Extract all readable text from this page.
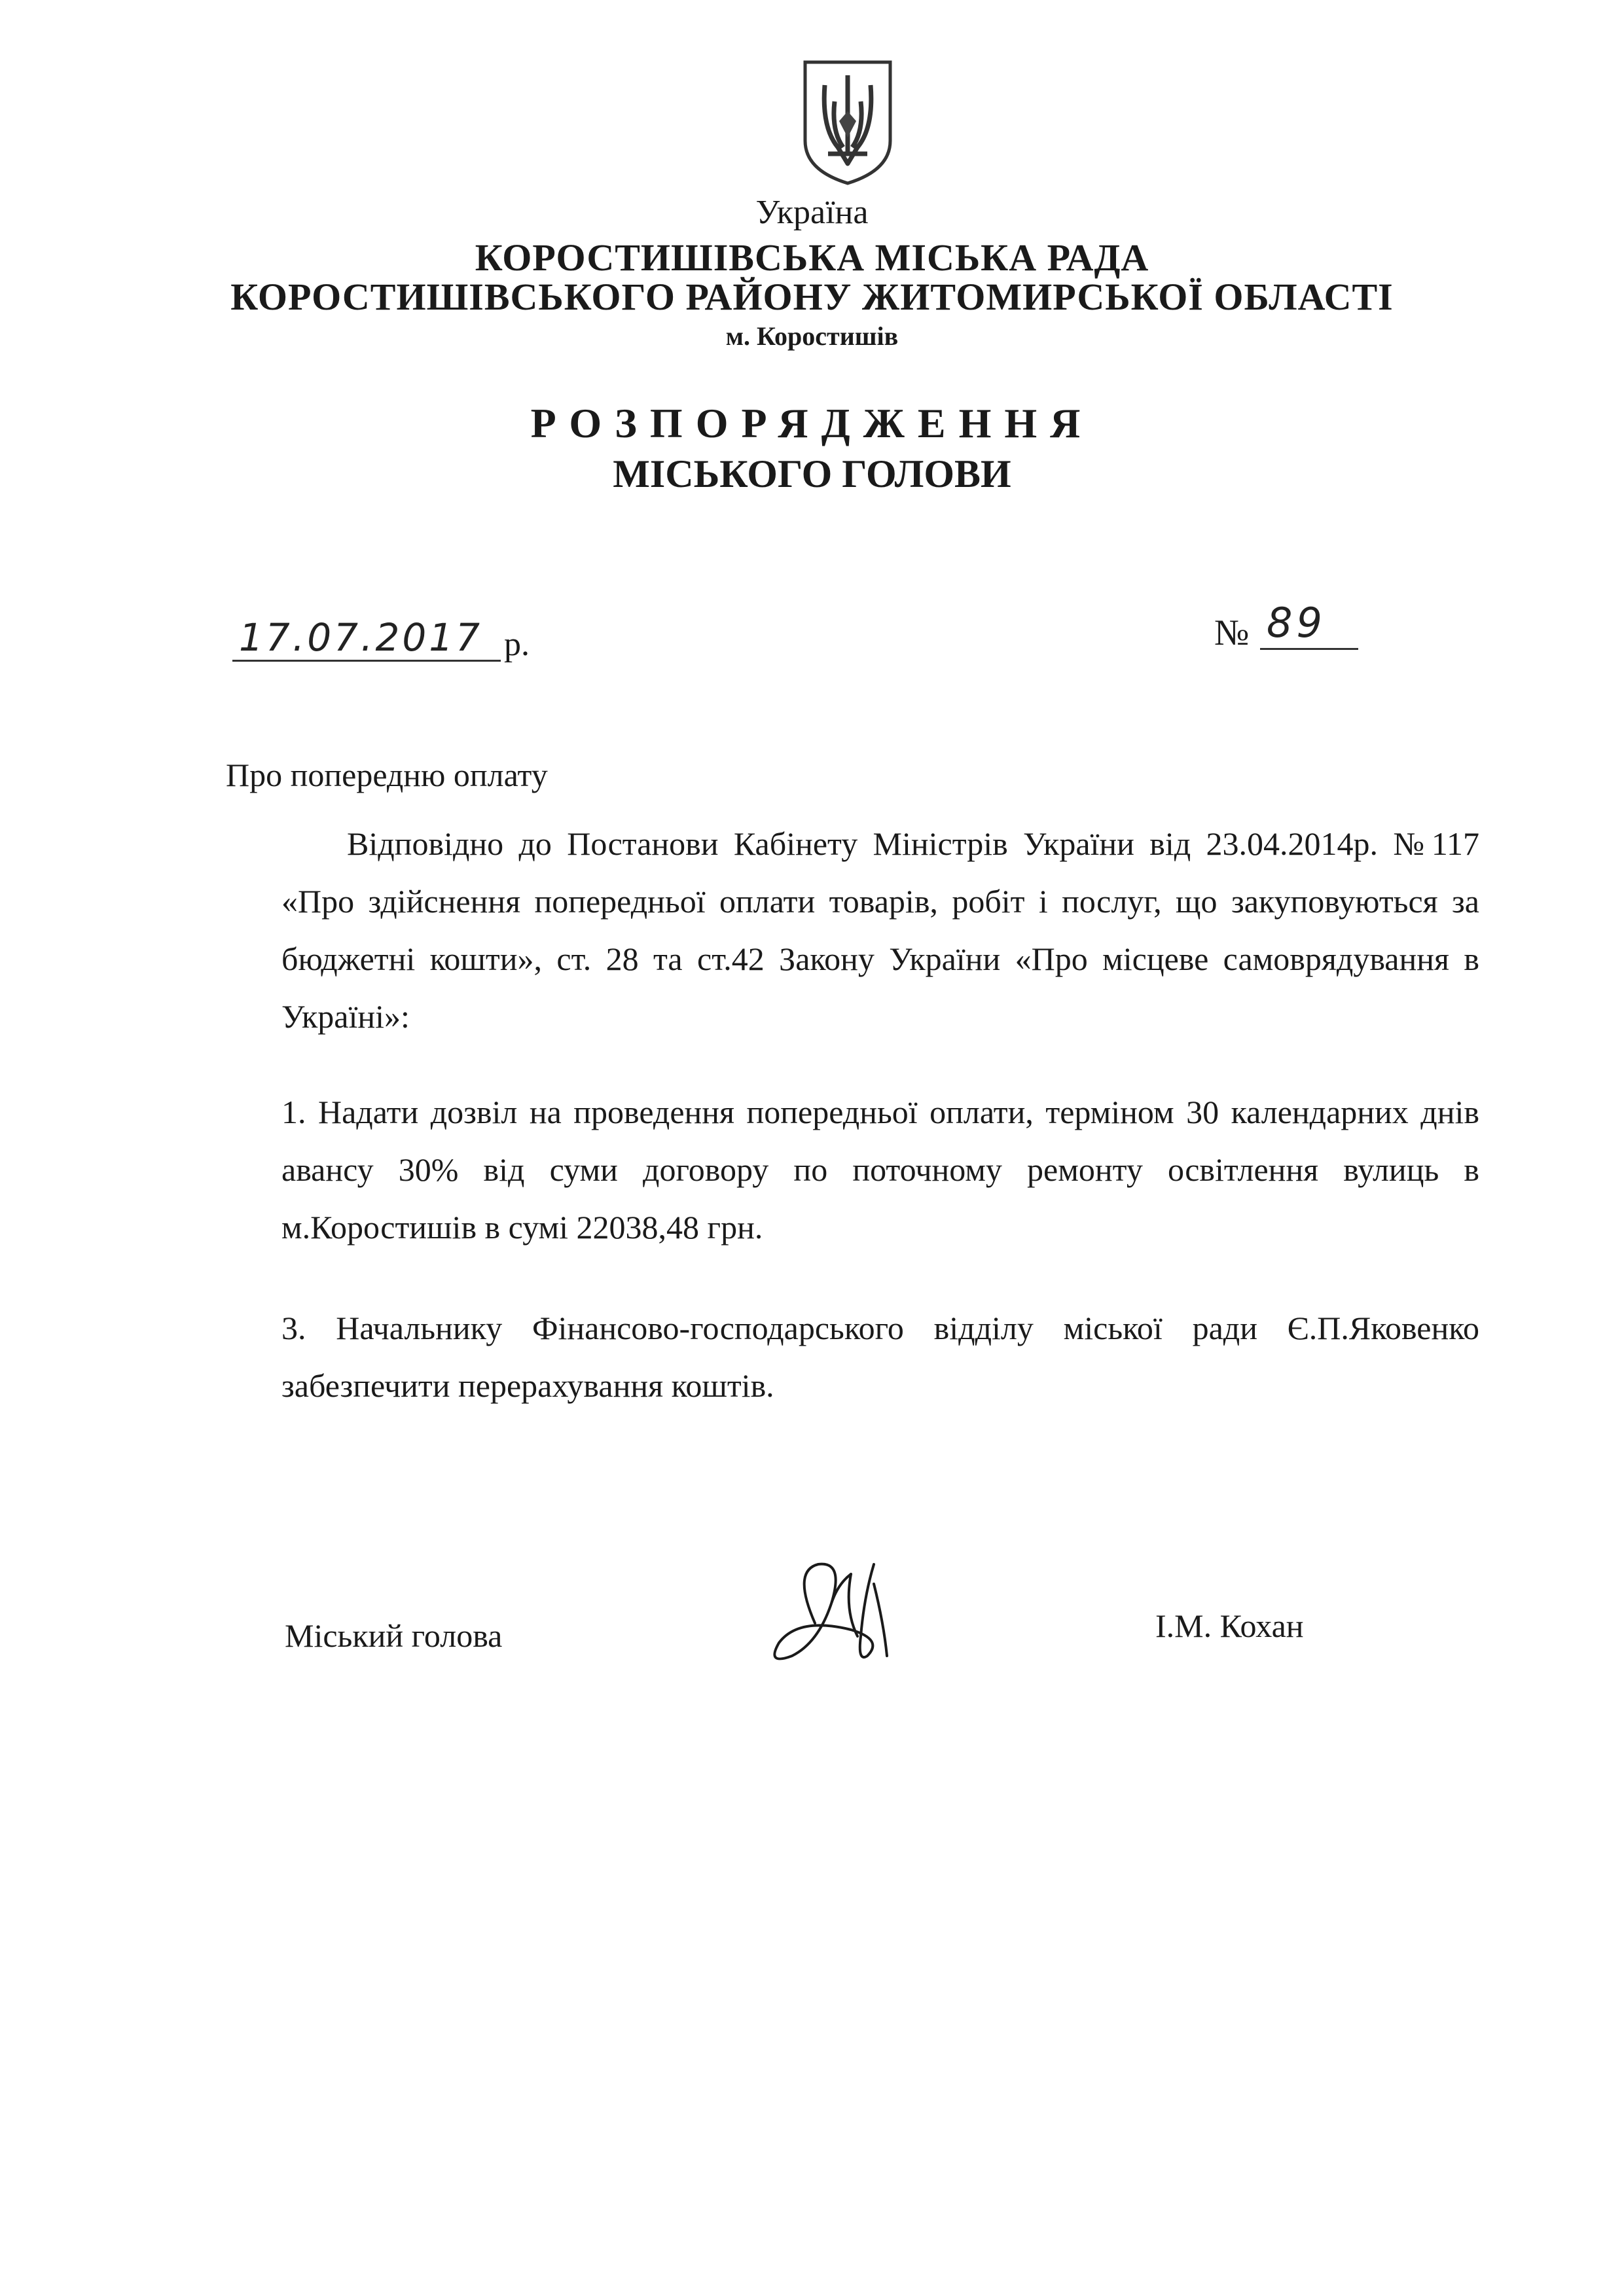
Україна
КОРОСТИШІВСЬКА МІСЬКА РАДА
КОРОСТИШІВСЬКОГО РАЙОНУ ЖИТОМИРСЬКОЇ ОБЛАСТІ
м. Коростишів
РОЗПОРЯДЖЕННЯ
МІСЬКОГО ГОЛОВИ
17.07.2017 р.	№ 89
Про попередню оплату
Відповідно до Постанови Кабінету Міністрів України від 23.04.2014р. №117 «Про здійснення попередньої оплати товарів, робіт і послуг, що закуповуються за бюджетні кошти», ст. 28 та ст.42 Закону України «Про місцеве самоврядування в Україні»:
1. Надати дозвіл на проведення попередньої оплати, терміном 30 календарних днів авансу 30% від суми договору по поточному ремонту освітлення вулиць в м.Коростишів в сумі 22038,48 грн.
3. Начальнику Фінансово-господарського відділу міської ради Є.П.Яковенко забезпечити перерахування коштів.
Міський голова	І.М. Кохан
